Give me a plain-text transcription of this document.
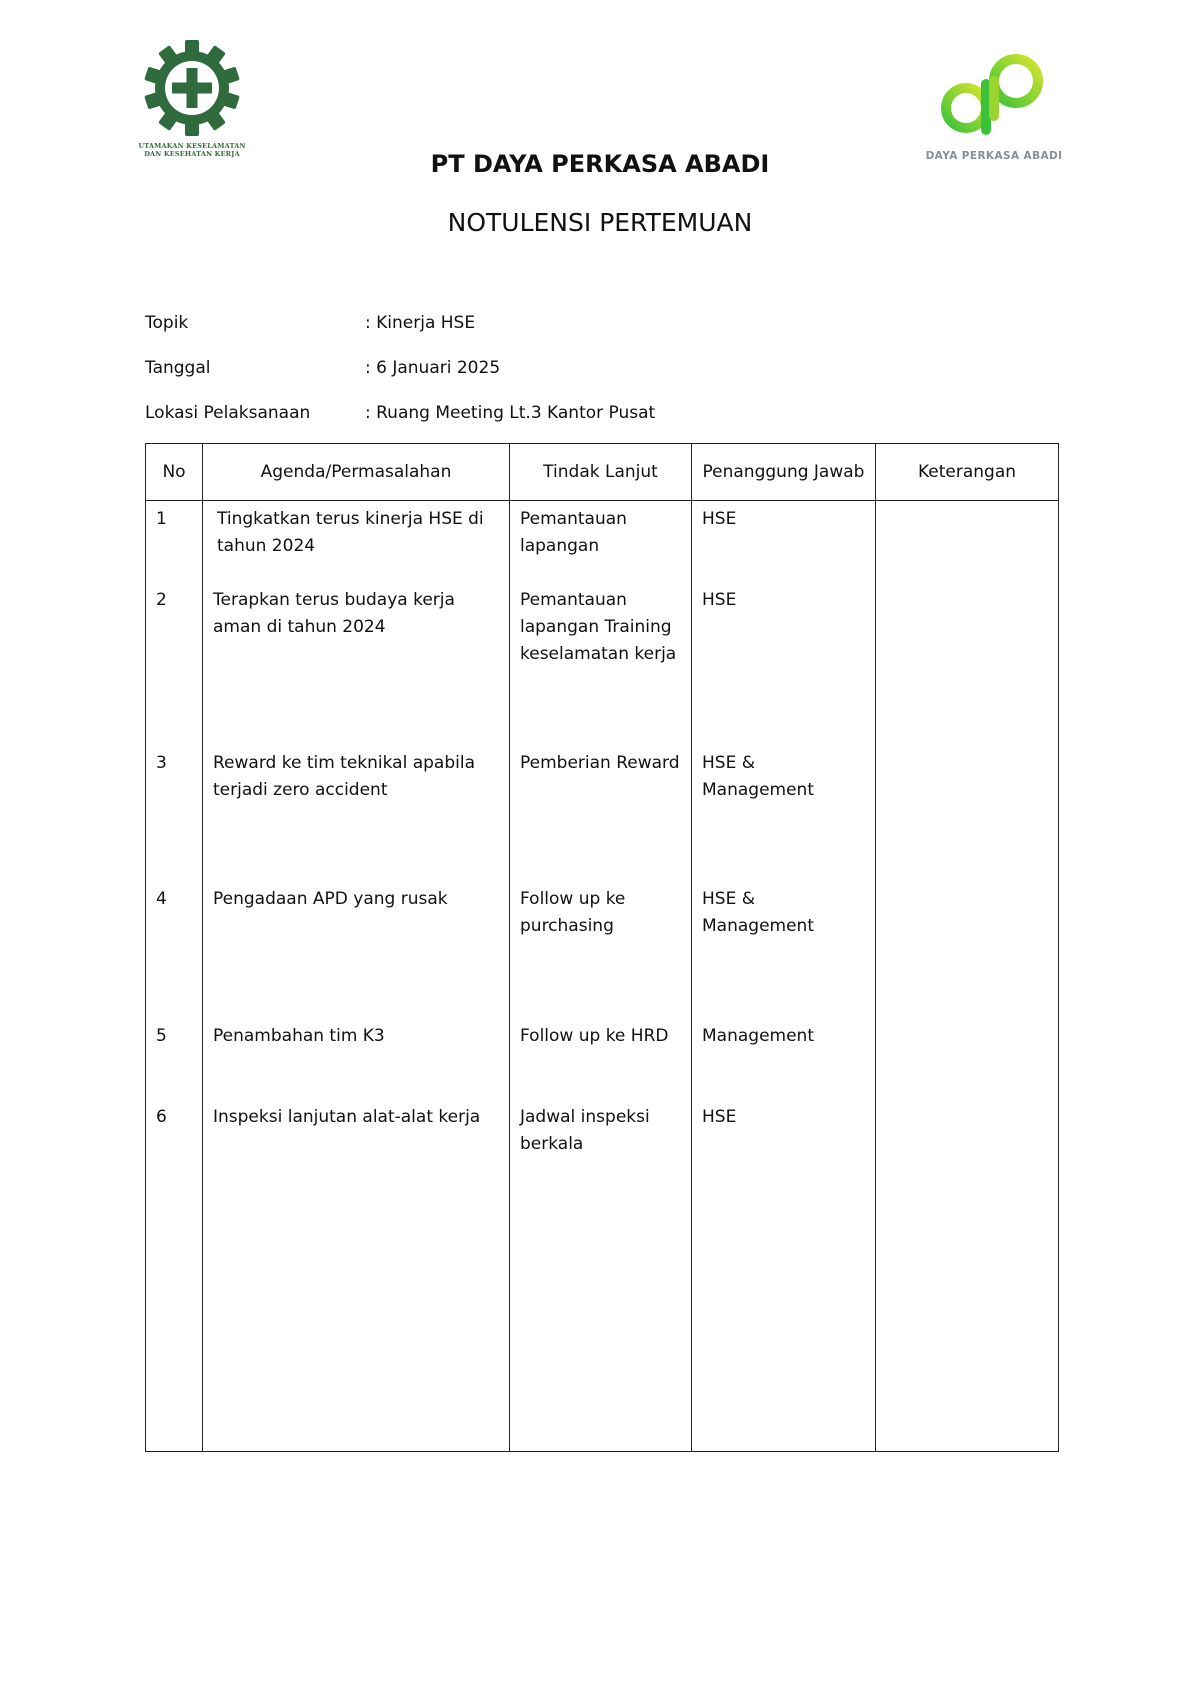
UTAMAKAN KESELAMATAN
DAN KESEHATAN KERJA	DAYA PERKASA ABADI
PT DAYA PERKASA ABADI
NOTULENSI PERTEMUAN
Topik	: Kinerja HSE
Tanggal	: 6 Januari 2025
Lokasi Pelaksanaan	: Ruang Meeting Lt.3 Kantor Pusat
No	Agenda/Permasalahan	Tindak Lanjut	Penanggung Jawab	Keterangan
1	Tingkatkan terus kinerja HSE di tahun 2024	Pemantauan lapangan	HSE	
2	Terapkan terus budaya kerja aman di tahun 2024	Pemantauan lapangan Training keselamatan kerja	HSE	
3	Reward ke tim teknikal apabila terjadi zero accident	Pemberian Reward	HSE & Management	
4	Pengadaan APD yang rusak	Follow up ke purchasing	HSE & Management	
5	Penambahan tim K3	Follow up ke HRD	Management	
6	Inspeksi lanjutan alat-alat kerja	Jadwal inspeksi berkala	HSE	
